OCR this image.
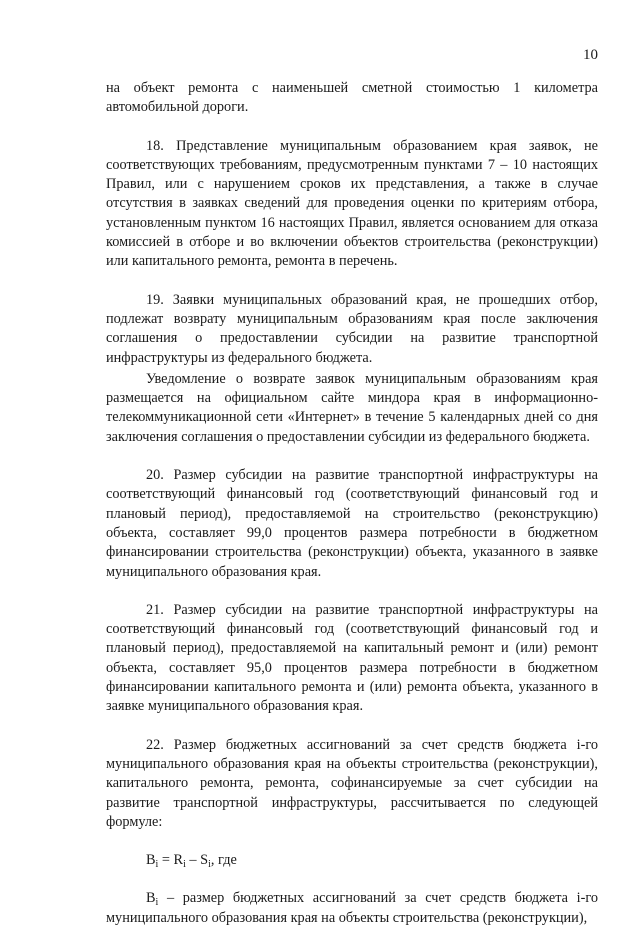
10

на объект ремонта с наименьшей сметной стоимостью 1 километра автомобильной дороги.

18. Представление муниципальным образованием края заявок, не соответствующих требованиям, предусмотренным пунктами 7 – 10 настоящих Правил, или с нарушением сроков их представления, а также в случае отсутствия в заявках сведений для проведения оценки по критериям отбора, установленным пунктом 16 настоящих Правил, является основанием для отказа комиссией в отборе и во включении объектов строительства (реконструкции) или капитального ремонта, ремонта в перечень.

19. Заявки муниципальных образований края, не прошедших отбор, подлежат возврату муниципальным образованиям края после заключения соглашения о предоставлении субсидии на развитие транспортной инфраструктуры из федерального бюджета.

Уведомление о возврате заявок муниципальным образованиям края размещается на официальном сайте миндора края в информационно-телекоммуникационной сети «Интернет» в течение 5 календарных дней со дня заключения соглашения о предоставлении субсидии из федерального бюджета.

20. Размер субсидии на развитие транспортной инфраструктуры на соответствующий финансовый год (соответствующий финансовый год и плановый период), предоставляемой на строительство (реконструкцию) объекта, составляет 99,0 процентов размера потребности в бюджетном финансировании строительства (реконструкции) объекта, указанного в заявке муниципального образования края.

21. Размер субсидии на развитие транспортной инфраструктуры на соответствующий финансовый год (соответствующий финансовый год и плановый период), предоставляемой на капитальный ремонт и (или) ремонт объекта, составляет 95,0 процентов размера потребности в бюджетном финансировании капитального ремонта и (или) ремонта объекта, указанного в заявке муниципального образования края.

22. Размер бюджетных ассигнований за счет средств бюджета i-го муниципального образования края на объекты строительства (реконструкции), капитального ремонта, ремонта, софинансируемые за счет субсидии на развитие транспортной инфраструктуры, рассчитывается по следующей формуле:

$B_i = R_i - S_i$, где

$B_i$ – размер бюджетных ассигнований за счет средств бюджета i-го муниципального образования края на объекты строительства (реконструкции),
